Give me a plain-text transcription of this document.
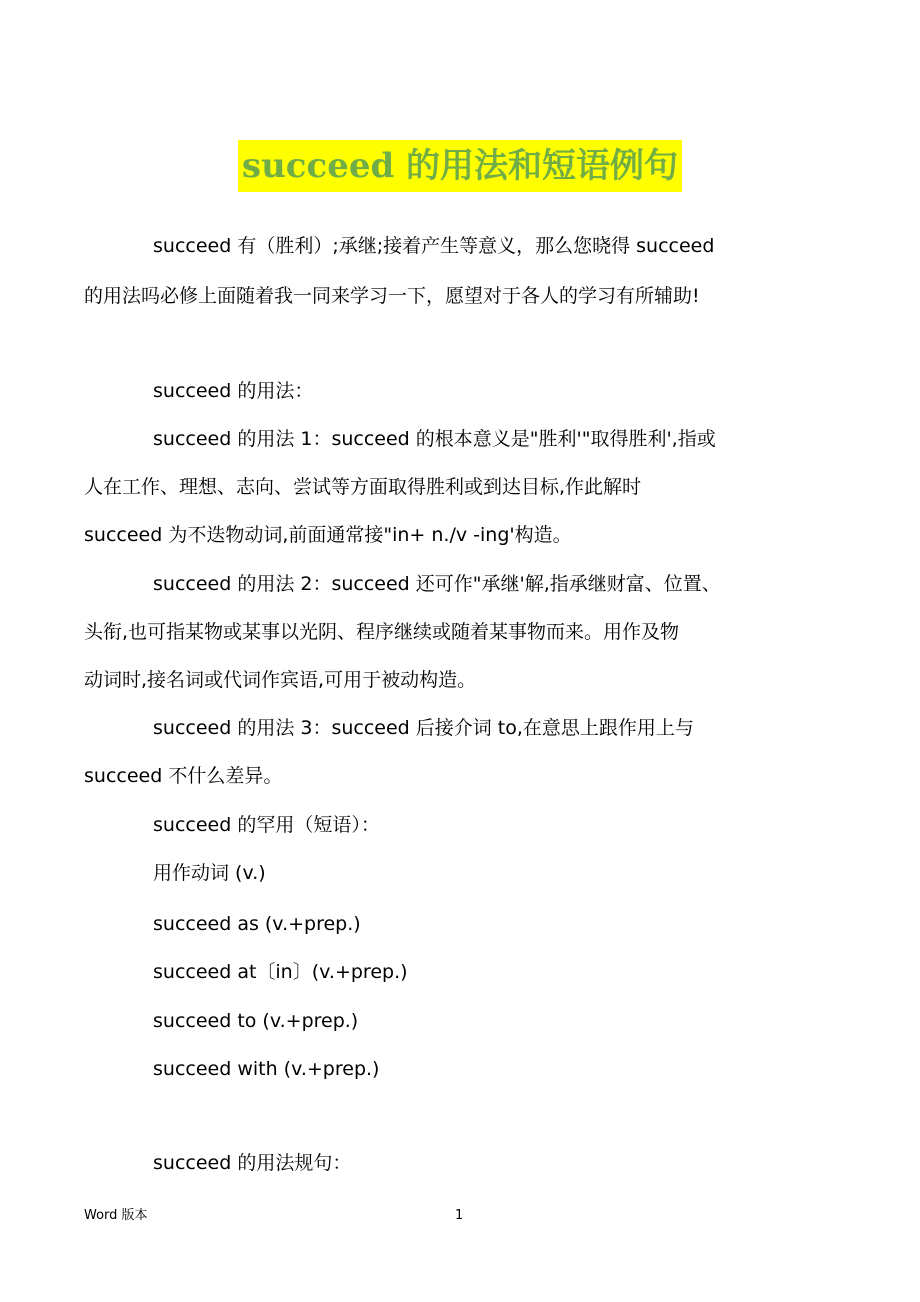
succeed 的用法和短语例句

succeed 有（胜利）;承继;接着产生等意义，那么您晓得 succeed

的用法吗必修上面随着我一同来学习一下，愿望对于各人的学习有所辅助!

succeed 的用法：

succeed 的用法 1：succeed 的根本意义是"胜利'"取得胜利',指或

人在工作、理想、志向、尝试等方面取得胜利或到达目标,作此解时

succeed 为不迭物动词,前面通常接"in+ n./v -ing'构造。

succeed 的用法 2：succeed 还可作"承继'解,指承继财富、位置、

头衔,也可指某物或某事以光阴、程序继续或随着某事物而来。用作及物

动词时,接名词或代词作宾语,可用于被动构造。

succeed 的用法 3：succeed 后接介词 to,在意思上跟作用上与

succeed 不什么差异。

succeed 的罕用（短语）：

用作动词 (v.)

succeed as (v.+prep.)

succeed at〔in〕(v.+prep.)

succeed to (v.+prep.)

succeed with (v.+prep.)

succeed 的用法规句：

Word 版本	1
